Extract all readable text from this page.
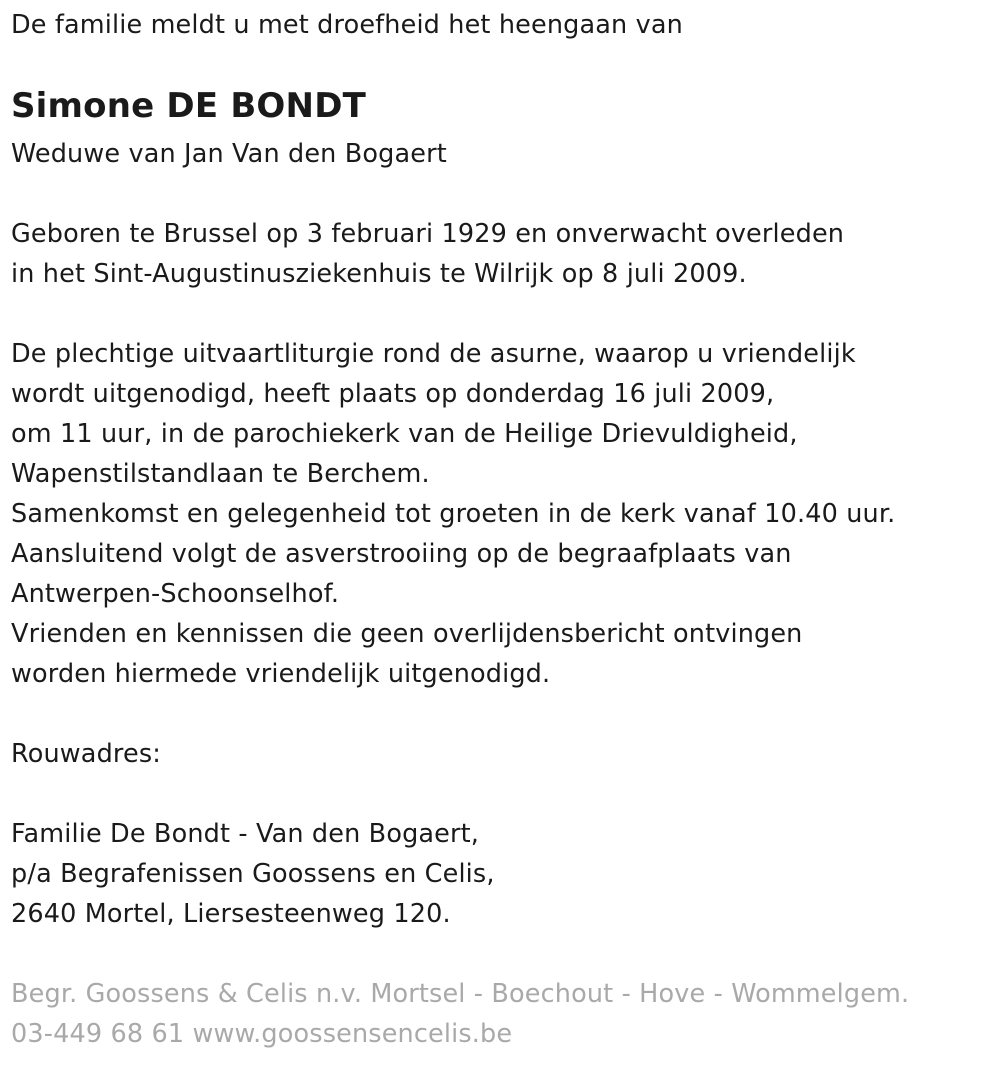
De familie meldt u met droefheid het heengaan van
Simone DE BONDT
Weduwe van Jan Van den Bogaert
Geboren te Brussel op 3 februari 1929 en onverwacht overleden
in het Sint-Augustinusziekenhuis te Wilrijk op 8 juli 2009.
De plechtige uitvaartliturgie rond de asurne, waarop u vriendelijk
wordt uitgenodigd, heeft plaats op donderdag 16 juli 2009,
om 11 uur, in de parochiekerk van de Heilige Drievuldigheid,
Wapenstilstandlaan te Berchem.
Samenkomst en gelegenheid tot groeten in de kerk vanaf 10.40 uur.
Aansluitend volgt de asverstrooiing op de begraafplaats van
Antwerpen-Schoonselhof.
Vrienden en kennissen die geen overlijdensbericht ontvingen
worden hiermede vriendelijk uitgenodigd.
Rouwadres:
Familie De Bondt - Van den Bogaert,
p/a Begrafenissen Goossens en Celis,
2640 Mortel, Liersesteenweg 120.
Begr. Goossens & Celis n.v. Mortsel - Boechout - Hove - Wommelgem.
03-449 68 61 www.goossensencelis.be
